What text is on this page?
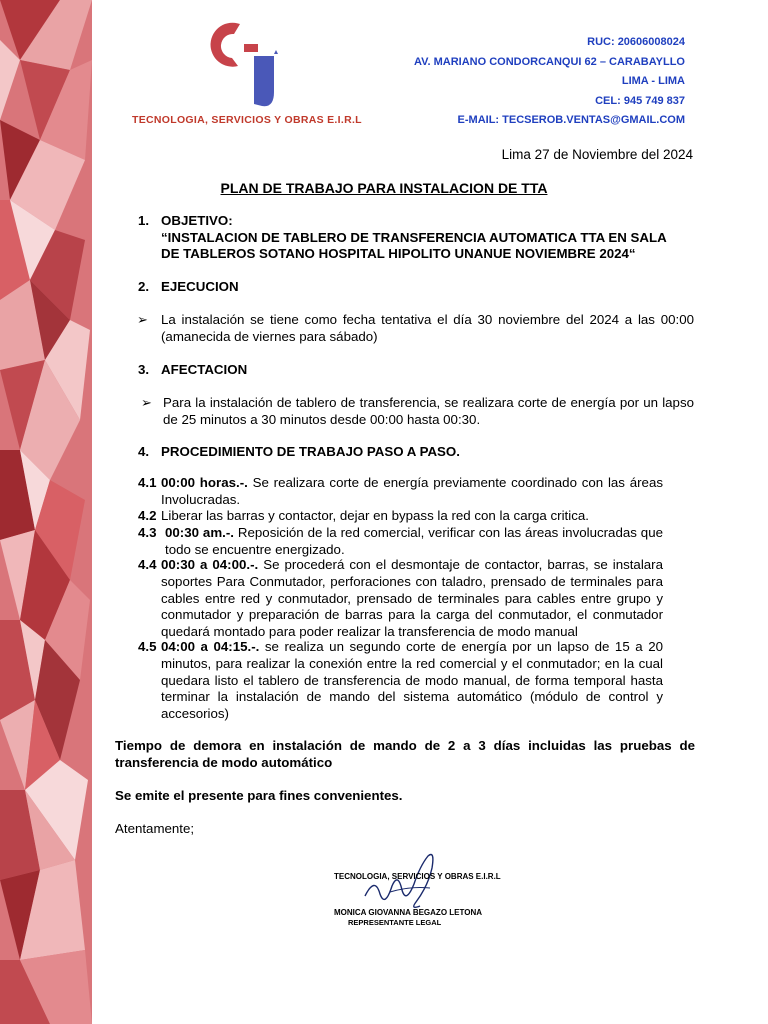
TECNOLOGIA, SERVICIOS Y OBRAS E.I.R.L
RUC: 20606008024
AV. MARIANO CONDORCANQUI 62 – CARABAYLLO
LIMA - LIMA
CEL: 945 749 837
E-MAIL: TECSEROB.VENTAS@GMAIL.COM
Lima 27 de Noviembre del 2024
PLAN DE TRABAJO PARA INSTALACION DE TTA
1. OBJETIVO:
“INSTALACION DE TABLERO DE TRANSFERENCIA AUTOMATICA TTA EN SALA
DE TABLEROS SOTANO HOSPITAL HIPOLITO UNANUE NOVIEMBRE 2024“
2. EJECUCION
➢ La instalación se tiene como fecha tentativa el día 30 noviembre del 2024 a las 00:00 (amanecida de viernes para sábado)
3. AFECTACION
➢ Para la instalación de tablero de transferencia, se realizara corte de energía por un lapso de 25 minutos a 30 minutos desde 00:00 hasta 00:30.
4. PROCEDIMIENTO DE TRABAJO PASO A PASO.
4.1 00:00 horas.-. Se realizara corte de energía previamente coordinado con las áreas Involucradas.
4.2 Liberar las barras y contactor, dejar en bypass la red con la carga critica.
4.3 00:30 am.-. Reposición de la red comercial, verificar con las áreas involucradas que todo se encuentre energizado.
4.4 00:30 a 04:00.-. Se procederá con el desmontaje de contactor, barras, se instalara soportes Para Conmutador, perforaciones con taladro, prensado de terminales para cables entre red y conmutador, prensado de terminales para cables entre grupo y conmutador y preparación de barras para la carga del conmutador, el conmutador quedará montado para poder realizar la transferencia de modo manual
4.5 04:00 a 04:15.-. se realiza un segundo corte de energía por un lapso de 15 a 20 minutos, para realizar la conexión entre la red comercial y el conmutador; en la cual quedara listo el tablero de transferencia de modo manual, de forma temporal hasta terminar la instalación de mando del sistema automático (módulo de control y accesorios)
Tiempo de demora en instalación de mando de 2 a 3 días incluidas las pruebas de transferencia de modo automático
Se emite el presente para fines convenientes.
Atentamente;
TECNOLOGIA, SERVICIOS Y OBRAS E.I.R.L
MONICA GIOVANNA BEGAZO LETONA
REPRESENTANTE LEGAL
